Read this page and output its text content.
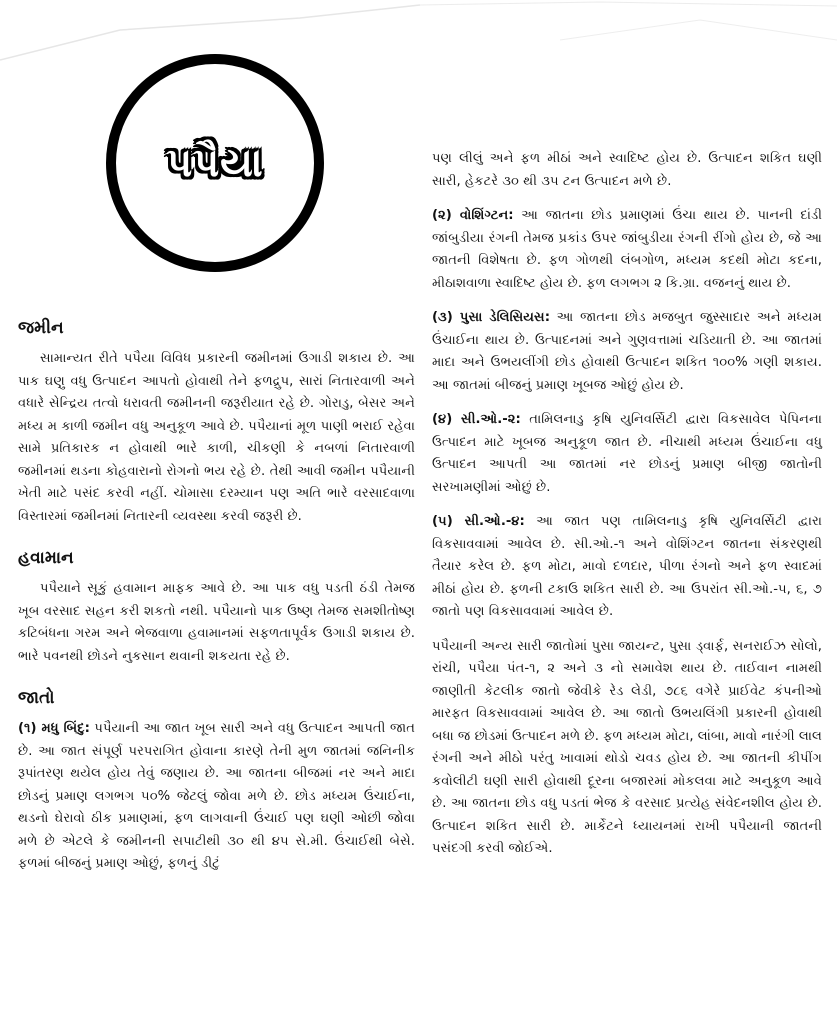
પપૈયા
જમીન

સામાન્યત રીતે પપૈયા વિવિધ પ્રકારની જમીનમાં ઉગાડી શકાય છે. આ પાક ઘણુ વધુ ઉત્પાદન આપતો હોવાથી તેને ફળદ્રુપ, સારાં નિતારવાળી અને વધારે સેન્દ્રિય તત્વો ધરાવતી જમીનની જરૂરીયાત રહે છે. ગોરાડુ, બેસર અને મધ્ય મ કાળી જમીન વધુ અનુકૂળ આવે છે. પપૈયાનાં મૂળ પાણી ભરાઈ રહેવા સામે પ્રતિકારક ન હોવાથી ભારે કાળી, ચીકણી કે નબળાં નિતારવાળી જમીનમાં થડના કોહવારાનો રોગનો ભય રહે છે. તેથી આવી જમીન પપૈયાની ખેતી માટે પસંદ કરવી નહીં. ચોમાસા દરમ્યાન પણ અતિ ભારે વરસાદવાળા વિસ્તારમાં જમીનમાં નિતારની વ્યવસ્થા કરવી જરૂરી છે.

હવામાન

પપૈયાને સૂકું હવામાન માફક આવે છે. આ પાક વધુ પડતી ઠંડી તેમજ ખૂબ વરસાદ સહન કરી શકતો નથી. પપૈયાનો પાક ઉષ્ણ તેમજ સમશીતોષ્ણ કટિબંધના ગરમ અને ભેજવાળા હવામાનમાં સફળતાપૂર્વક ઉગાડી શકાય છે. ભારે પવનથી છોડને નુકસાન થવાની શકયતા રહે છે.

જાતો

(૧) મધુ બિંદુ: પપૈયાની આ જાત ખૂબ સારી અને વધુ ઉત્પાદન આપતી જાત છે. આ જાત સંપૂર્ણ પરપરાગિત હોવાના કારણે તેની મુળ જાતમાં જનિનીક રૂપાંતરણ થયેલ હોય તેવું જણાય છે. આ જાતના બીજમાં નર અને માદા છોડનું પ્રમાણ લગભગ ૫૦% જેટલું જોવા મળે છે. છોડ મધ્યમ ઉંચાઈના, થડનો ઘેરાવો ઠીક પ્રમાણમાં, ફળ લાગવાની ઉંચાઈ પણ ઘણી ઓછી જોવા મળે છે એટલે કે જમીનની સપાટીથી ૩૦ થી ૪૫ સે.મી. ઉંચાઈથી બેસે. ફળમાં બીજનું પ્રમાણ ઓછું, ફળનું ડીટું

પણ લીલું અને ફળ મીઠાં અને સ્વાદિષ્ટ હોય છે. ઉત્પાદન શકિત ઘણી સારી, હેકટરે ૩૦ થી ૩૫ ટન ઉત્પાદન મળે છે.

(૨) વોશિંગ્ટન: આ જાતના છોડ પ્રમાણમાં ઉંચા થાય છે. પાનની દાંડી જાંબુડીયા રંગની તેમજ પ્રકાંડ ઉપર જાંબુડીયા રંગની રીંગો હોય છે, જે આ જાતની વિશેષતા છે. ફળ ગોળથી લંબગોળ, મધ્યમ કદથી મોટા કદના, મીઠાશવાળા સ્વાદિષ્ટ હોય છે. ફળ લગભગ ૨ કિ.ગ્રા. વજનનું થાય છે.

(૩) પુસા ડેલિસિયસ: આ જાતના છોડ મજબુત જુસ્સાદાર અને મધ્યમ ઉંચાઈના થાય છે. ઉત્પાદનમાં અને ગુણવત્તામાં ચડિયાતી છે. આ જાતમાં માદા અને ઉભયલીંગી છોડ હોવાથી ઉત્પાદન શકિત ૧૦૦% ગણી શકાય. આ જાતમાં બીજનું પ્રમાણ ખૂબજ ઓછું હોય છે.

(૪) સી.ઓ.-૨: તામિલનાડુ કૃષિ યુનિવર્સિટી દ્વારા વિકસાવેલ પેપિનના ઉત્પાદન માટે ખૂબજ અનુકૂળ જાત છે. નીચાથી મધ્યમ ઉંચાઈના વધુ ઉત્પાદન આપતી આ જાતમાં નર છોડનું પ્રમાણ બીજી જાતોની સરખામણીમાં ઓછું છે.

(૫) સી.ઓ.-૪: આ જાત પણ તામિલનાડુ કૃષિ યુનિવર્સિટી દ્વારા વિકસાવવામાં આવેલ છે. સી.ઓ.-૧ અને વોશિંગ્ટન જાતના સંકરણથી તૈયાર કરેલ છે. ફળ મોટા, માવો દળદાર, પીળા રંગનો અને ફળ સ્વાદમાં મીઠાં હોય છે. ફળની ટકાઉ શકિત સારી છે. આ ઉપરાંત સી.ઓ.-૫, ૬, ૭ જાતો પણ વિકસાવવામાં આવેલ છે.

પપૈયાની અન્ય સારી જાતોમાં પુસા જાયન્ટ, પુસા ડ્વાર્ફ, સનરાઈઝ સોલો, રાંચી, પપૈયા પંત-૧, ૨ અને ૩ નો સમાવેશ થાય છે. તાઈવાન નામથી જાણીતી કેટલીક જાતો જેવીકે રેડ લેડી, ૭૮૬ વગેરે પ્રાઈવેટ કંપનીઓ મારફત વિકસાવવામાં આવેલ છે. આ જાતો ઉભયલિંગી પ્રકારની હોવાથી બધા જ છોડમાં ઉત્પાદન મળે છે. ફળ મધ્યમ મોટા, લાંબા, માવો નારંગી લાલ રંગની અને મીઠો પરંતુ ખાવામાં થોડો ચવડ હોય છે. આ જાતની કીપીંગ કવોલીટી ઘણી સારી હોવાથી દૂરના બજારમાં મોકલવા માટે અનુકૂળ આવે છે. આ જાતના છોડ વધુ પડતાં ભેજ કે વરસાદ પ્રત્યેહ સંવેદનશીલ હોય છે. ઉત્પાદન શકિત સારી છે. માર્કેટને ધ્યાયનમાં રાખી પપૈયાની જાતની પસંદગી કરવી જોઈએ.
